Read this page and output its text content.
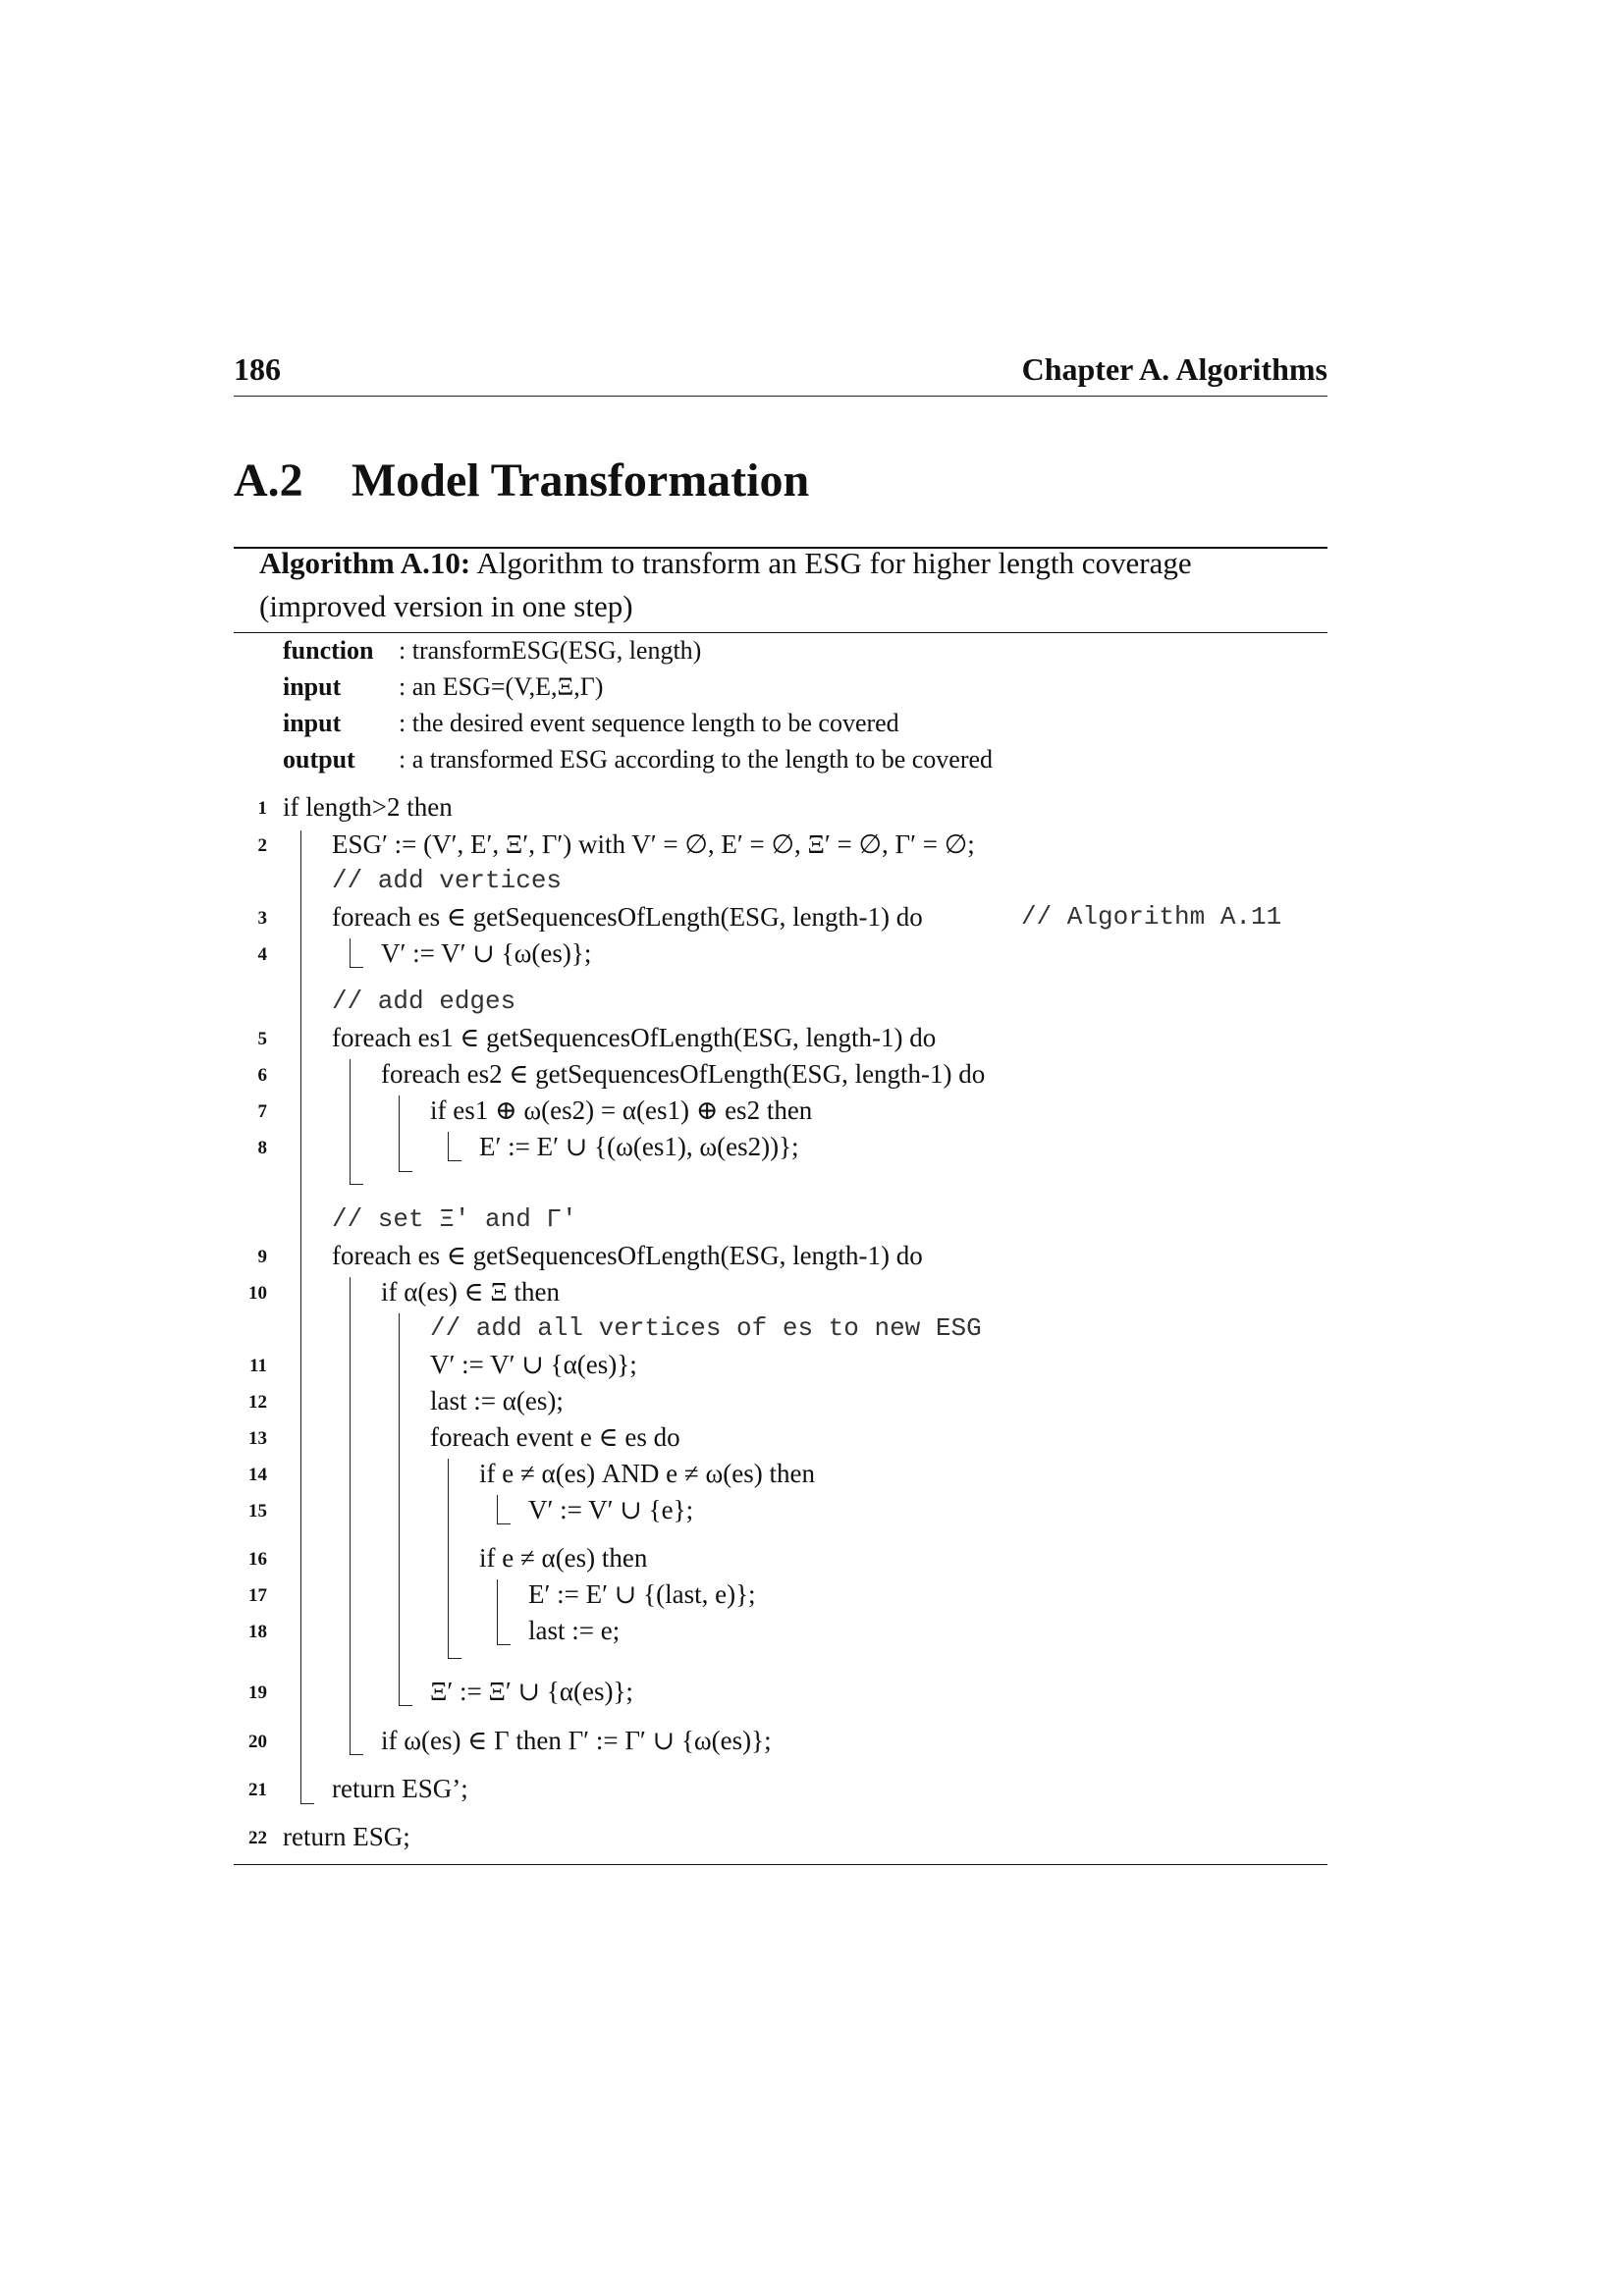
186	Chapter A. Algorithms
A.2 Model Transformation
Algorithm A.10: Algorithm to transform an ESG for higher length coverage
(improved version in one step)
function : transformESG(ESG, length)
input : an ESG=(V,E,Ξ,Γ)
input : the desired event sequence length to be covered
output : a transformed ESG according to the length to be covered
1
2
3
4
5
6
7
8
9
10
11
12
13
14
15
16
17
18
19
20
21
22
if length>2 then
ESG′ := (V′, E′, Ξ′, Γ′) with V′ = ∅, E′ = ∅, Ξ′ = ∅, Γ′ = ∅;
// add vertices
foreach es ∈ getSequencesOfLength(ESG, length-1) do	// Algorithm A.11
V′ := V′ ∪ {ω(es)};
// add edges
foreach es1 ∈ getSequencesOfLength(ESG, length-1) do
foreach es2 ∈ getSequencesOfLength(ESG, length-1) do
if es1 ⊕ ω(es2) = α(es1) ⊕ es2 then
E′ := E′ ∪ {(ω(es1), ω(es2))};
// set Ξ′ and Γ′
foreach es ∈ getSequencesOfLength(ESG, length-1) do
if α(es) ∈ Ξ then
// add all vertices of es to new ESG
V′ := V′ ∪ {α(es)};
last := α(es);
foreach event e ∈ es do
if e ≠ α(es) AND e ≠ ω(es) then
V′ := V′ ∪ {e};
if e ≠ α(es) then
E′ := E′ ∪ {(last, e)};
last := e;
Ξ′ := Ξ′ ∪ {α(es)};
if ω(es) ∈ Γ then Γ′ := Γ′ ∪ {ω(es)};
return ESG’;
return ESG;
